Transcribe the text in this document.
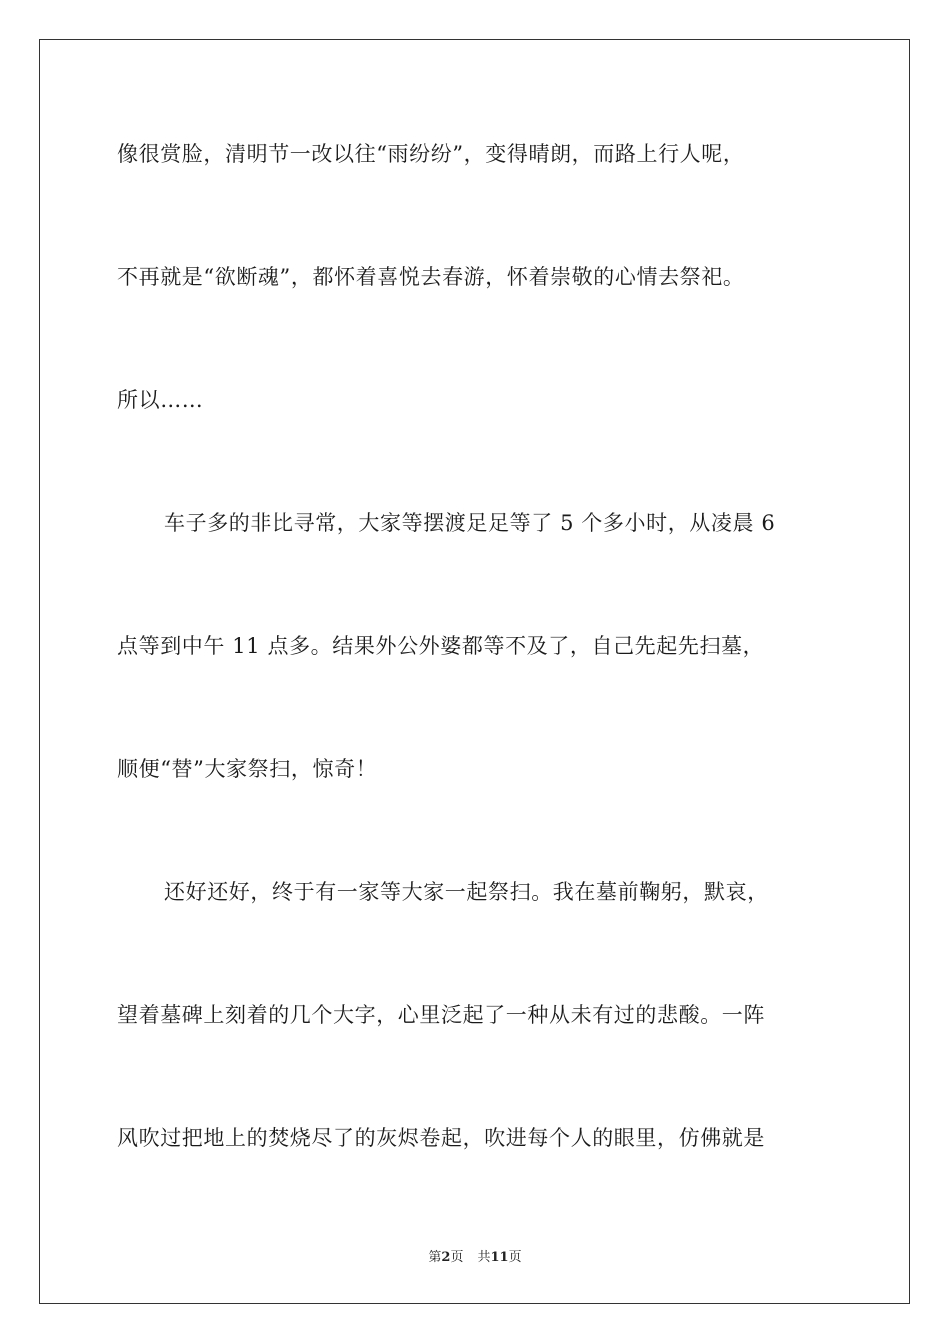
像很赏脸，清明节一改以往“雨纷纷”，变得晴朗，而路上行人呢，
不再就是“欲断魂”，都怀着喜悦去春游，怀着崇敬的心情去祭祀。
所以……
车子多的非比寻常，大家等摆渡足足等了 5 个多小时，从凌晨 6
点等到中午 11 点多。结果外公外婆都等不及了，自己先起先扫墓，
顺便“替”大家祭扫，惊奇！
还好还好，终于有一家等大家一起祭扫。我在墓前鞠躬，默哀，
望着墓碑上刻着的几个大字，心里泛起了一种从未有过的悲酸。一阵
风吹过把地上的焚烧尽了的灰烬卷起，吹进每个人的眼里，仿佛就是
第2页 共11页
